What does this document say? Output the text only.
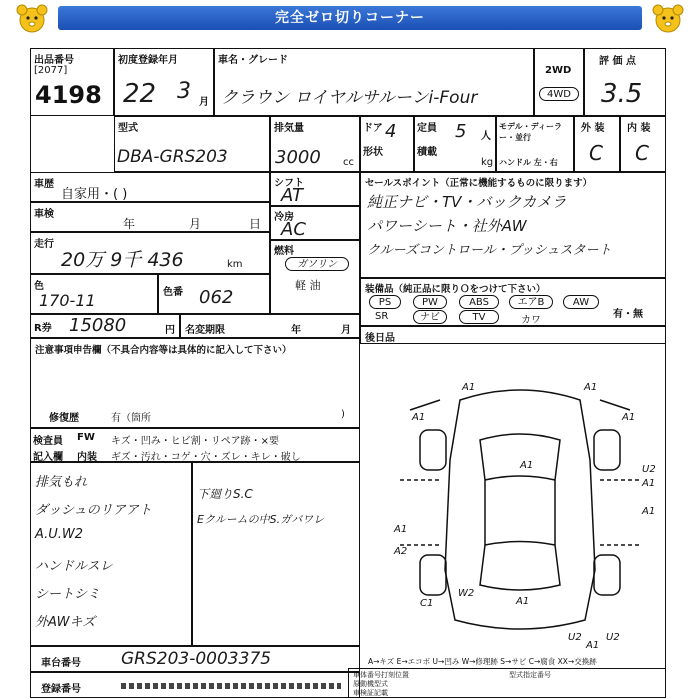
完全ゼロ切りコーナー
出品番号
[2077]
4198
初度登録年月
22 3 月
車名・グレード
クラウン ロイヤルサルーンi-Four
2WD
4WD
評 価 点
3.5
型式
DBA-GRS203
排気量
3000 cc
ドア 4
形状
定員 5 人
積載
kg
モデル・ディーラー・並行
ハンドル 左・右
外 装
C
内 装
C
車歴
自家用・( )
車検
年	月	日
走行
20万 9千 436	km
色
170-11	色番 062
R券 15080	円 名変期限	年	月
シフト
AT
冷房
AC
燃料
ガソリン
軽 油
セールスポイント（正常に機能するものに限ります）
純正ナビ・TV・バックカメラ
パワーシート・社外AW
クルーズコントロール・プッシュスタート
装備品（純正品に限りＯをつけて下さい）
PS	PW	ABS	エアB	AW
SR	ナビ	TV	カワ
有・無
後日品
注意事項申告欄（不具合内容等は具体的に記入して下さい）
修復歴	有（箇所	)
検査員
記入欄
FW
内装
キズ・凹み・ヒビ割・リペア跡・×要
ギズ・汚れ・コゲ・穴・ズレ・キレ・破し
排気もれ
ダッシュのリアアト
A.U.W2
ハンドルスレ
シートシミ
外AWキズ
下廻りS.C
Eクルームの中S.ガバワレ
A1	A1
A1	A1
A1	U2
A1
A1
A1
A2
W2
A1
C1
U2
A1
U2
A→キズ E→エコボ U→凹み W→修理跡 S→サビ C→腐食 XX→交換跡
車台番号 GRS203-0003375
登録番号
車体番号打刻位置
原動機型式
車検証記載
型式指定番号
